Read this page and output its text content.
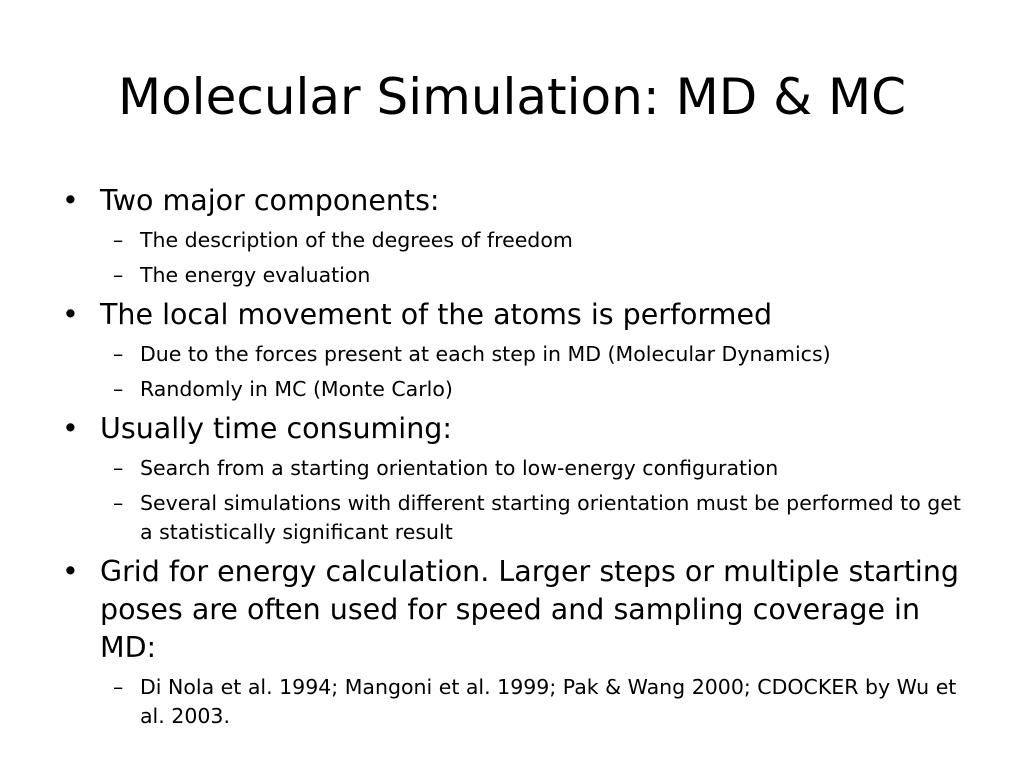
Molecular Simulation: MD & MC
• Two major components:
– The description of the degrees of freedom
– The energy evaluation
• The local movement of the atoms is performed
– Due to the forces present at each step in MD (Molecular Dynamics)
– Randomly in MC (Monte Carlo)
• Usually time consuming:
– Search from a starting orientation to low-energy configuration
– Several simulations with different starting orientation must be performed to get a statistically significant result
• Grid for energy calculation. Larger steps or multiple starting poses are often used for speed and sampling coverage in MD:
– Di Nola et al. 1994; Mangoni et al. 1999; Pak & Wang 2000; CDOCKER by Wu et al. 2003.
